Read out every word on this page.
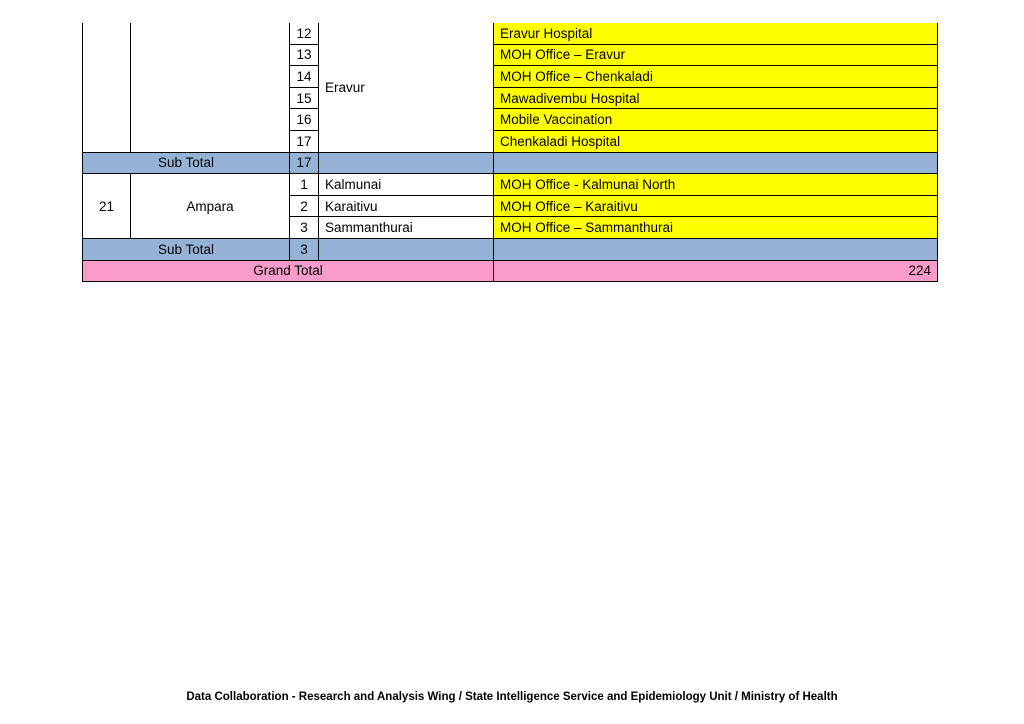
		12	Eravur	Eravur Hospital
		13		MOH Office – Eravur
		14		MOH Office – Chenkaladi
		15		Mawadivembu Hospital
		16		Mobile Vaccination
		17		Chenkaladi Hospital
Sub Total		17		
21	Ampara	1	Kalmunai	MOH Office - Kalmunai North
		2	Karaitivu	MOH Office – Karaitivu
		3	Sammanthurai	MOH Office – Sammanthurai
Sub Total		3		
Grand Total				224
Data Collaboration - Research and Analysis Wing / State Intelligence Service and Epidemiology Unit / Ministry of Health
